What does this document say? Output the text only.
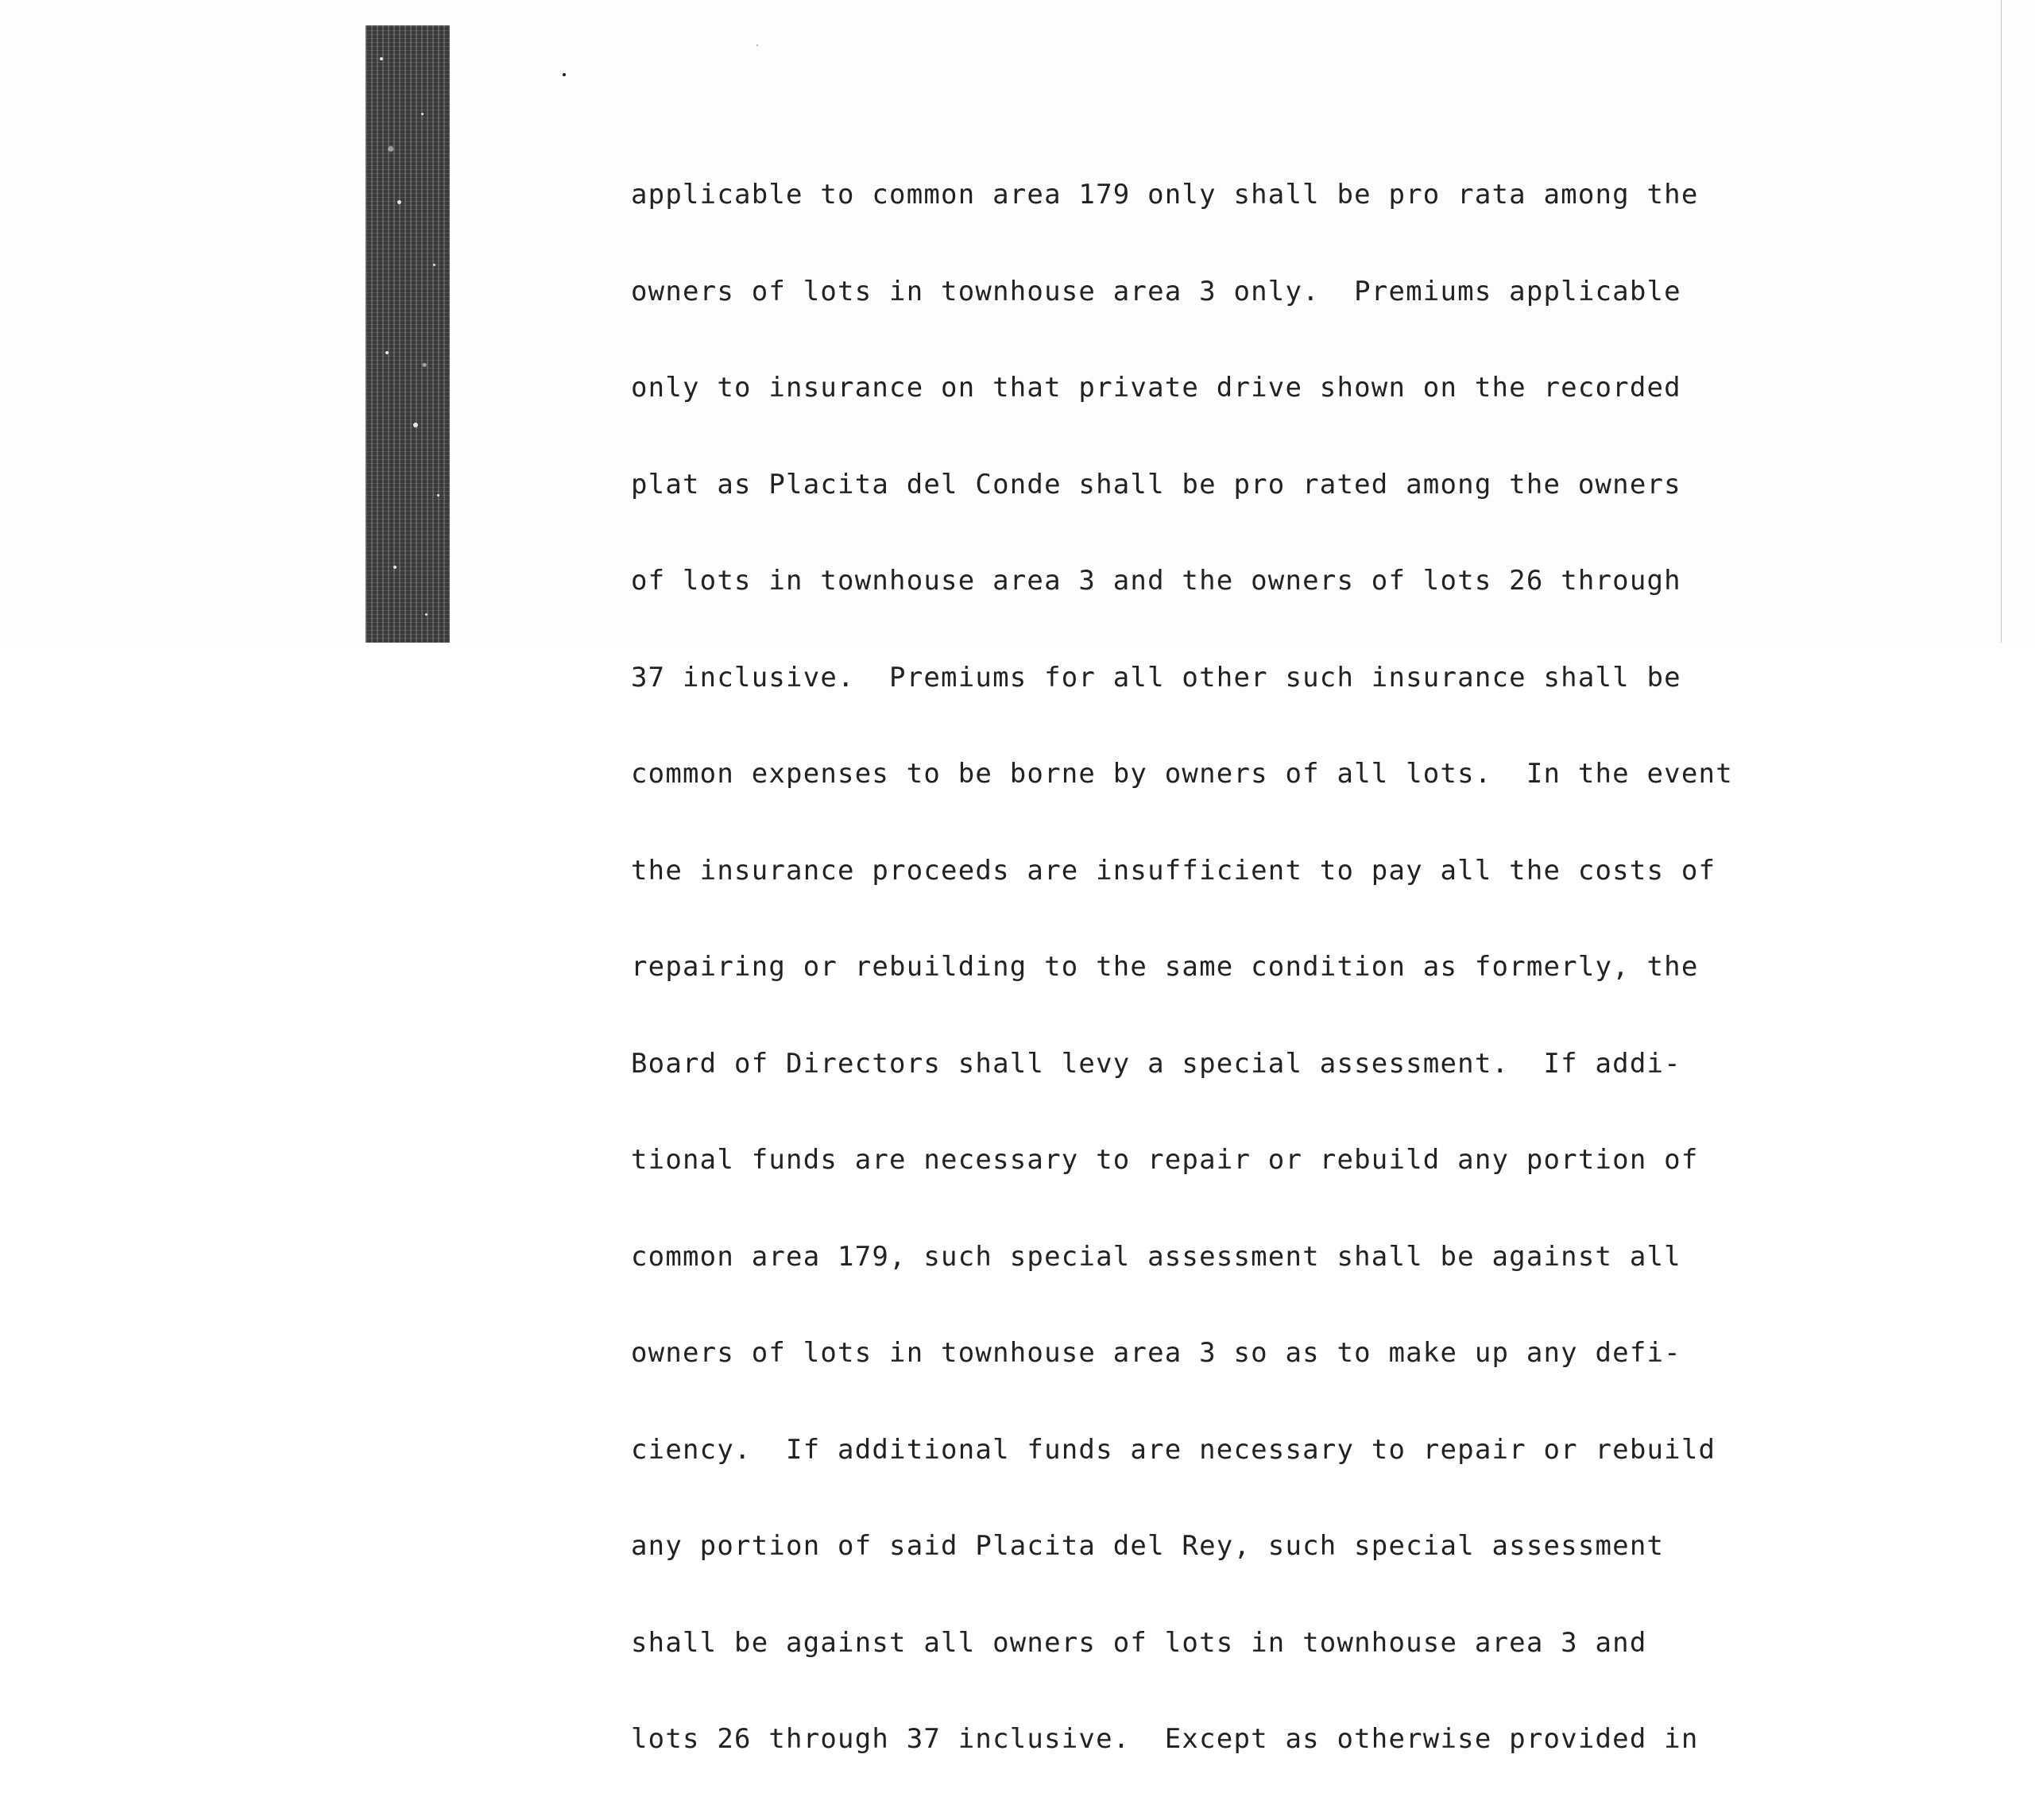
applicable to common area 179 only shall be pro rata among the

owners of lots in townhouse area 3 only.  Premiums applicable

only to insurance on that private drive shown on the recorded

plat as Placita del Conde shall be pro rated among the owners

of lots in townhouse area 3 and the owners of lots 26 through

37 inclusive.  Premiums for all other such insurance shall be

common expenses to be borne by owners of all lots.  In the event

the insurance proceeds are insufficient to pay all the costs of

repairing or rebuilding to the same condition as formerly, the

Board of Directors shall levy a special assessment.  If addi-

tional funds are necessary to repair or rebuild any portion of

common area 179, such special assessment shall be against all

owners of lots in townhouse area 3 so as to make up any defi-

ciency.  If additional funds are necessary to repair or rebuild

any portion of said Placita del Rey, such special assessment

shall be against all owners of lots in townhouse area 3 and

lots 26 through 37 inclusive.  Except as otherwise provided in
